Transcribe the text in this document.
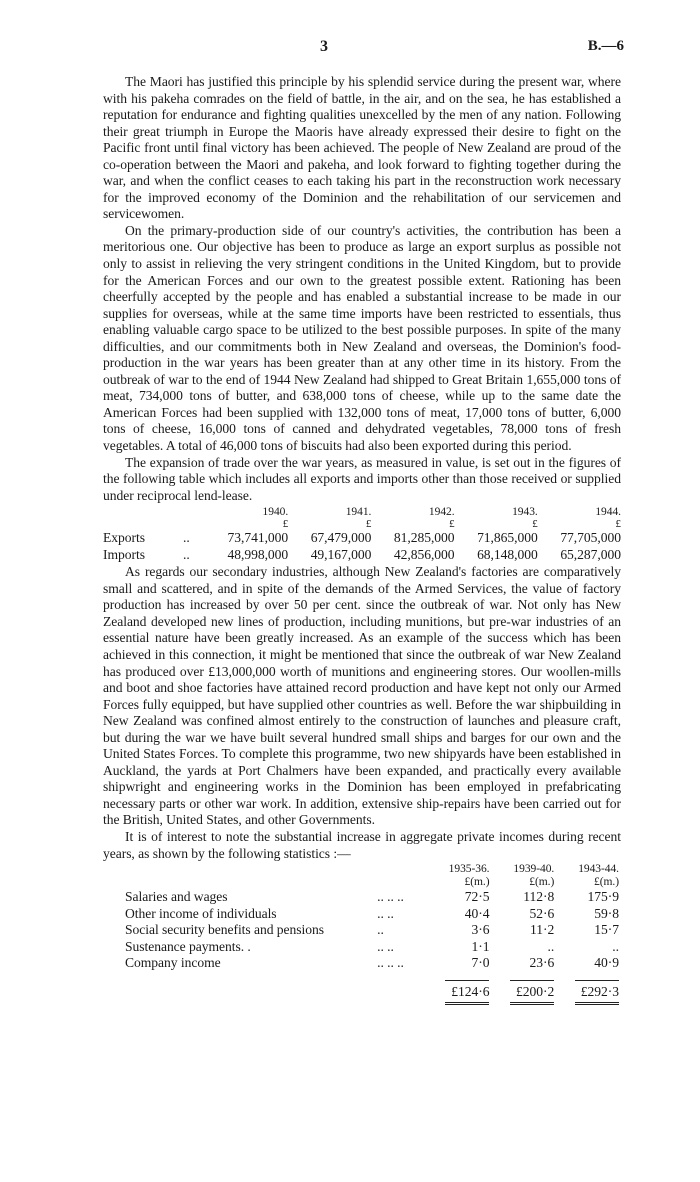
3	B.—6

The Maori has justified this principle by his splendid service during the present war, where with his pakeha comrades on the field of battle, in the air, and on the sea, he has established a reputation for endurance and fighting qualities unexcelled by the men of any nation. Following their great triumph in Europe the Maoris have already expressed their desire to fight on the Pacific front until final victory has been achieved. The people of New Zealand are proud of the co-operation between the Maori and pakeha, and look forward to fighting together during the war, and when the conflict ceases to each taking his part in the reconstruction work necessary for the improved economy of the Dominion and the rehabilitation of our servicemen and servicewomen.

On the primary-production side of our country's activities, the contribution has been a meritorious one. Our objective has been to produce as large an export surplus as possible not only to assist in relieving the very stringent conditions in the United Kingdom, but to provide for the American Forces and our own to the greatest possible extent. Rationing has been cheerfully accepted by the people and has enabled a substantial increase to be made in our supplies for overseas, while at the same time imports have been restricted to essentials, thus enabling valuable cargo space to be utilized to the best possible purposes. In spite of the many difficulties, and our commitments both in New Zealand and overseas, the Dominion's food-production in the war years has been greater than at any other time in its history. From the outbreak of war to the end of 1944 New Zealand had shipped to Great Britain 1,655,000 tons of meat, 734,000 tons of butter, and 638,000 tons of cheese, while up to the same date the American Forces had been supplied with 132,000 tons of meat, 17,000 tons of butter, 6,000 tons of cheese, 16,000 tons of canned and dehydrated vegetables, 78,000 tons of fresh vegetables. A total of 46,000 tons of biscuits had also been exported during this period.

The expansion of trade over the war years, as measured in value, is set out in the figures of the following table which includes all exports and imports other than those received or supplied under reciprocal lend-lease.

		1940.	1941.	1942.	1943.	1944.
		£	£	£	£	£
Exports	..	73,741,000	67,479,000	81,285,000	71,865,000	77,705,000
Imports	..	48,998,000	49,167,000	42,856,000	68,148,000	65,287,000

As regards our secondary industries, although New Zealand's factories are comparatively small and scattered, and in spite of the demands of the Armed Services, the value of factory production has increased by over 50 per cent. since the outbreak of war. Not only has New Zealand developed new lines of production, including munitions, but pre-war industries of an essential nature have been greatly increased. As an example of the success which has been achieved in this connection, it might be mentioned that since the outbreak of war New Zealand has produced over £13,000,000 worth of munitions and engineering stores. Our woollen-mills and boot and shoe factories have attained record production and have kept not only our Armed Forces fully equipped, but have supplied other countries as well. Before the war shipbuilding in New Zealand was confined almost entirely to the construction of launches and pleasure craft, but during the war we have built several hundred small ships and barges for our own and the United States Forces. To complete this programme, two new shipyards have been established in Auckland, the yards at Port Chalmers have been expanded, and practically every available shipwright and engineering works in the Dominion has been employed in prefabricating necessary parts or other war work. In addition, extensive ship-repairs have been carried out for the British, United States, and other Governments.

It is of interest to note the substantial increase in aggregate private incomes during recent years, as shown by the following statistics :—

		1935-36.	1939-40.	1943-44.
		£(m.)	£(m.)	£(m.)
Salaries and wages	.. .. ..	72·5	112·8	175·9
Other income of individuals	.. ..	40·4	52·6	59·8
Social security benefits and pensions	..	3·6	11·2	15·7
Sustenance payments. .	.. ..	1·1	..	..
Company income	.. .. ..	7·0	23·6	40·9
		£124·6	£200·2	£292·3
